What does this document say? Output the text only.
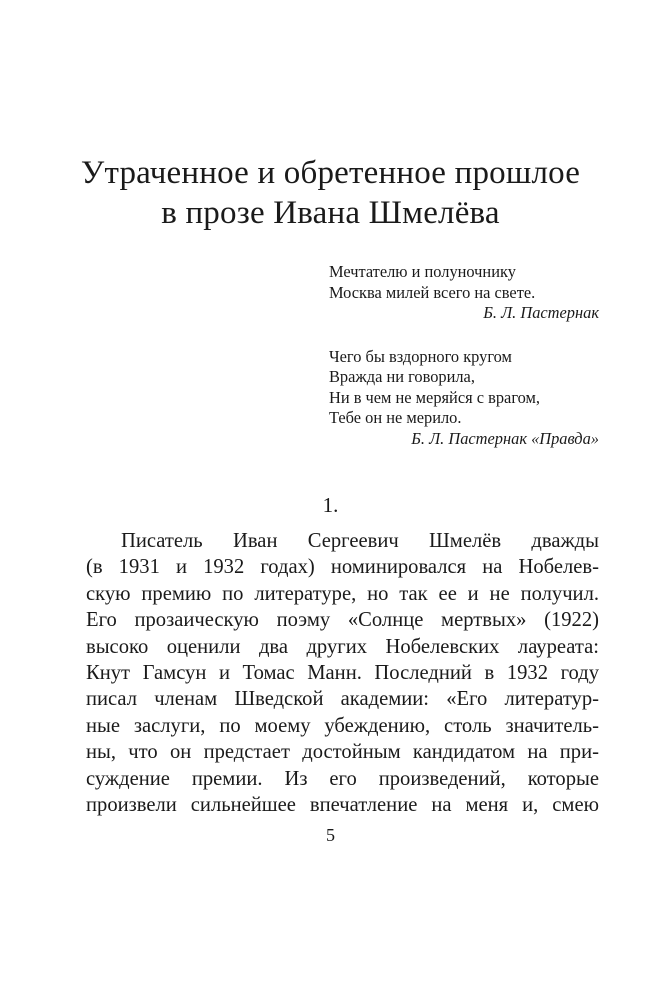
Утраченное и обретенное прошлое
в прозе Ивана Шмелёва
Мечтателю и полуночнику
Москва милей всего на свете.
Б. Л. Пастернак
Чего бы вздорного кругом
Вражда ни говорила,
Ни в чем не меряйся с врагом,
Тебе он не мерило.
Б. Л. Пастернак «Правда»
1.
Писатель Иван Сергеевич Шмелёв дважды
(в 1931 и 1932 годах) номинировался на Нобелев-
скую премию по литературе, но так ее и не получил.
Его прозаическую поэму «Солнце мертвых» (1922)
высоко оценили два других Нобелевских лауреата:
Кнут Гамсун и Томас Манн. Последний в 1932 году
писал членам Шведской академии: «Его литератур-
ные заслуги, по моему убеждению, столь значитель-
ны, что он предстает достойным кандидатом на при-
суждение премии. Из его произведений, которые
произвели сильнейшее впечатление на меня и, смею
5
